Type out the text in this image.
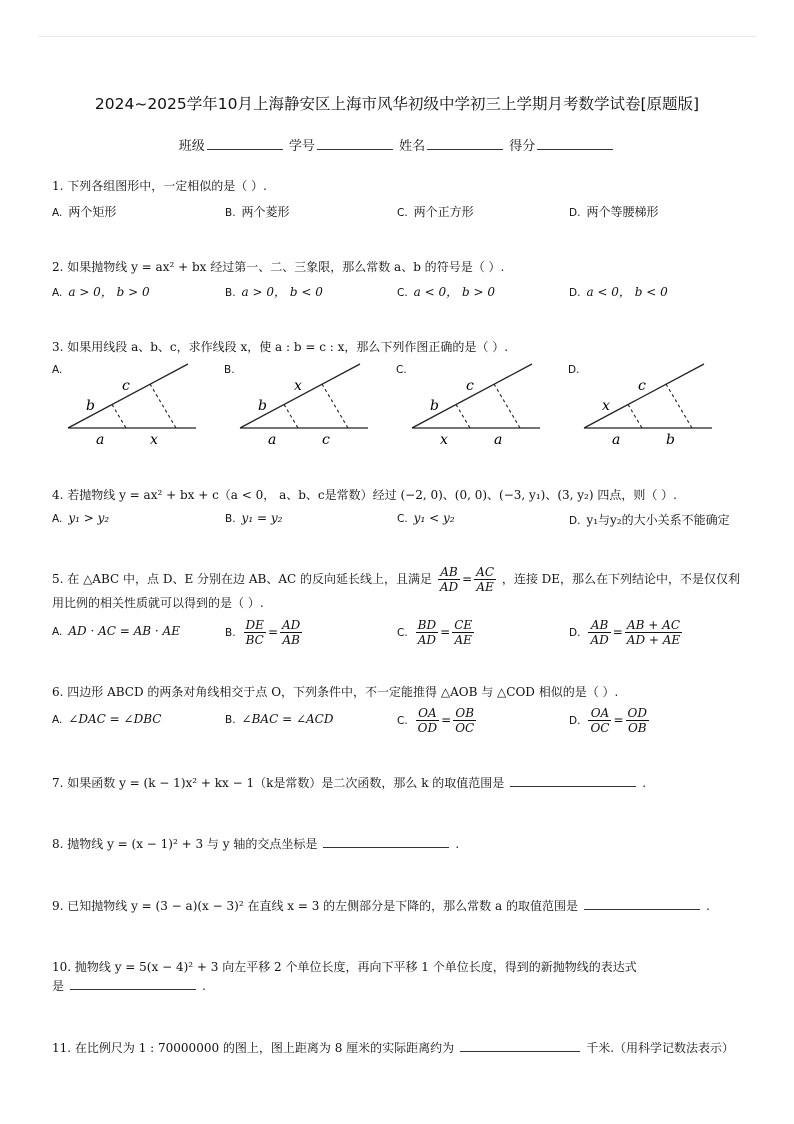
2024~2025学年10月上海静安区上海市风华初级中学初三上学期月考数学试卷[原题版]
班级	学号	姓名	得分
1. 下列各组图形中，一定相似的是（ ）.
A. 两个矩形	B. 两个菱形	C. 两个正方形	D. 两个等腰梯形
2. 如果抛物线 y = ax² + bx 经过第一、二、三象限，那么常数 a、b 的符号是（ ）.
A. a > 0， b > 0	B. a > 0， b < 0	C. a < 0， b > 0	D. a < 0， b < 0
3. 如果用线段 a、b、c，求作线段 x，使 a : b = c : x，那么下列作图正确的是（ ）.
A.
b
c
a	x
B.
b
x
a	c
C.
b
c
x	a
D.
x
c
a	b
4. 若抛物线 y = ax² + bx + c（a < 0， a、b、c是常数）经过 (−2, 0)、(0, 0)、(−3, y₁)、(3, y₂) 四点，则（ ）.
A. y₁ > y₂	B. y₁ = y₂	C. y₁ < y₂	D. y₁与y₂的大小关系不能确定
5. 在 △ABC 中，点 D、E 分别在边 AB、AC 的反向延长线上，且满足 $\frac{AB}{AD} = \frac{AC}{AE}$ ，连接 DE，那么在下列结论中，不是仅仅利
用比例的相关性质就可以得到的是（ ）.
A. AD · AC = AB · AE	B. $\frac{DE}{BC} = \frac{AD}{AB}$	C. $\frac{BD}{AD} = \frac{CE}{AE}$	D. $\frac{AB}{AD} = \frac{AB + AC}{AD + AE}$
6. 四边形 ABCD 的两条对角线相交于点 O，下列条件中，不一定能推得 △AOB 与 △COD 相似的是（ ）.
A. ∠DAC = ∠DBC	B. ∠BAC = ∠ACD	C. $\frac{OA}{OD} = \frac{OB}{OC}$	D. $\frac{OA}{OC} = \frac{OD}{OB}$
7. 如果函数 y = (k − 1)x² + kx − 1（k是常数）是二次函数，那么 k 的取值范围是	.
8. 抛物线 y = (x − 1)² + 3 与 y 轴的交点坐标是	.
9. 已知抛物线 y = (3 − a)(x − 3)² 在直线 x = 3 的左侧部分是下降的，那么常数 a 的取值范围是	.
10. 抛物线 y = 5(x − 4)² + 3 向左平移 2 个单位长度，再向下平移 1 个单位长度，得到的新抛物线的表达式
是	.
11. 在比例尺为 1 : 70000000 的图上，图上距离为 8 厘米的实际距离约为	千米.（用科学记数法表示）
